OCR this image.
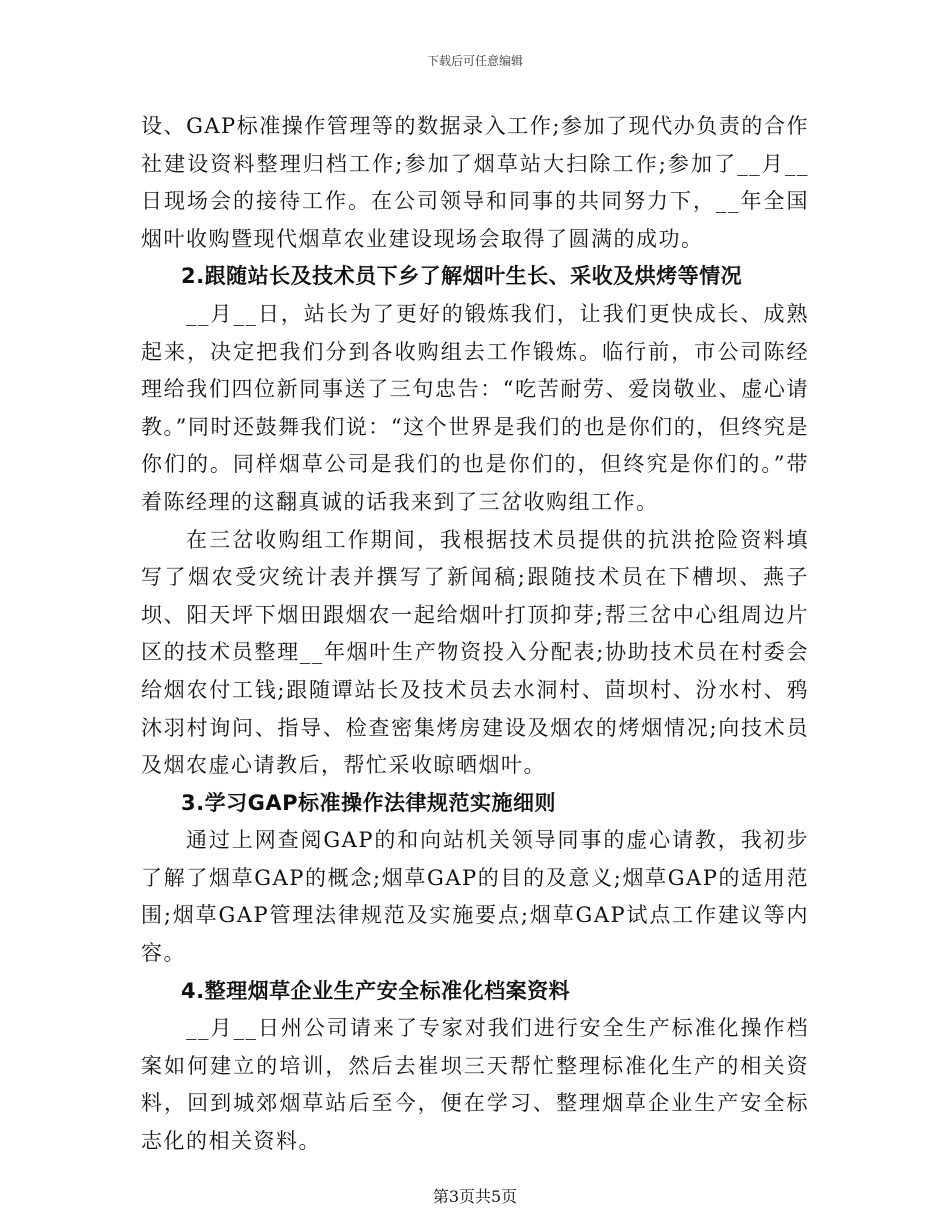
下载后可任意编辑

设、GAP标准操作管理等的数据录入工作;参加了现代办负责的合作社建设资料整理归档工作;参加了烟草站大扫除工作;参加了__月__日现场会的接待工作。在公司领导和同事的共同努力下，__年全国烟叶收购暨现代烟草农业建设现场会取得了圆满的成功。

2.跟随站长及技术员下乡了解烟叶生长、采收及烘烤等情况

__月__日，站长为了更好的锻炼我们，让我们更快成长、成熟起来，决定把我们分到各收购组去工作锻炼。临行前，市公司陈经理给我们四位新同事送了三句忠告：“吃苦耐劳、爱岗敬业、虚心请教。”同时还鼓舞我们说：“这个世界是我们的也是你们的，但终究是你们的。同样烟草公司是我们的也是你们的，但终究是你们的。”带着陈经理的这翻真诚的话我来到了三岔收购组工作。

在三岔收购组工作期间，我根据技术员提供的抗洪抢险资料填写了烟农受灾统计表并撰写了新闻稿;跟随技术员在下槽坝、燕子坝、阳天坪下烟田跟烟农一起给烟叶打顶抑芽;帮三岔中心组周边片区的技术员整理__年烟叶生产物资投入分配表;协助技术员在村委会给烟农付工钱;跟随谭站长及技术员去水洞村、茴坝村、汾水村、鸦沐羽村询问、指导、检查密集烤房建设及烟农的烤烟情况;向技术员及烟农虚心请教后，帮忙采收晾晒烟叶。

3.学习GAP标准操作法律规范实施细则

通过上网查阅GAP的和向站机关领导同事的虚心请教，我初步了解了烟草GAP的概念;烟草GAP的目的及意义;烟草GAP的适用范围;烟草GAP管理法律规范及实施要点;烟草GAP试点工作建议等内容。

4.整理烟草企业生产安全标准化档案资料

__月__日州公司请来了专家对我们进行安全生产标准化操作档案如何建立的培训，然后去崔坝三天帮忙整理标准化生产的相关资料，回到城郊烟草站后至今，便在学习、整理烟草企业生产安全标志化的相关资料。

第3页共5页
